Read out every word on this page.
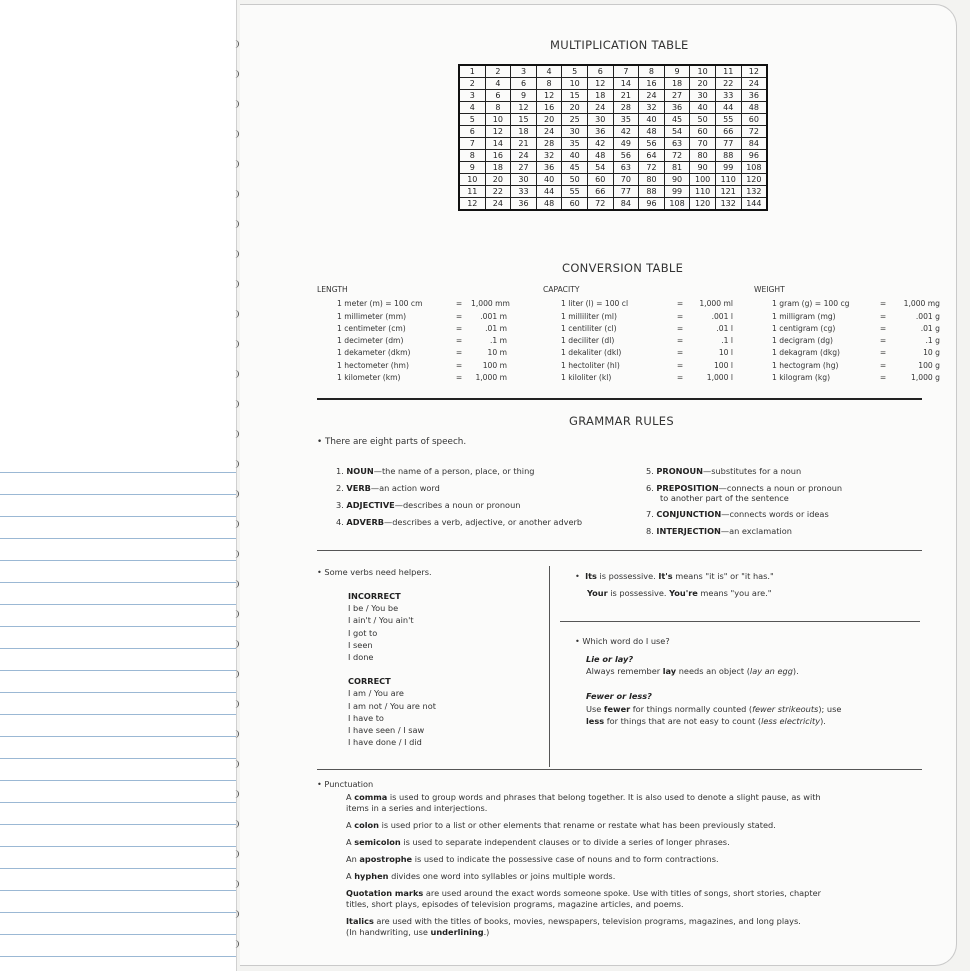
MULTIPLICATION TABLE
1	2	3	4	5	6	7	8	9	10	11	12
2	4	6	8	10	12	14	16	18	20	22	24
3	6	9	12	15	18	21	24	27	30	33	36
4	8	12	16	20	24	28	32	36	40	44	48
5	10	15	20	25	30	35	40	45	50	55	60
6	12	18	24	30	36	42	48	54	60	66	72
7	14	21	28	35	42	49	56	63	70	77	84
8	16	24	32	40	48	56	64	72	80	88	96
9	18	27	36	45	54	63	72	81	90	99	108
10	20	30	40	50	60	70	80	90	100	110	120
11	22	33	44	55	66	77	88	99	110	121	132
12	24	36	48	60	72	84	96	108	120	132	144
CONVERSION TABLE
LENGTH
1 meter (m) = 100 cm	=	1,000 mm
1 millimeter (mm)	=	.001 m
1 centimeter (cm)	=	.01 m
1 decimeter (dm)	=	.1 m
1 dekameter (dkm)	=	10 m
1 hectometer (hm)	=	100 m
1 kilometer (km)	=	1,000 m
CAPACITY
1 liter (l) = 100 cl	=	1,000 ml
1 milliliter (ml)	=	.001 l
1 centiliter (cl)	=	.01 l
1 deciliter (dl)	=	.1 l
1 dekaliter (dkl)	=	10 l
1 hectoliter (hl)	=	100 l
1 kiloliter (kl)	=	1,000 l
WEIGHT
1 gram (g) = 100 cg	=	1,000 mg
1 milligram (mg)	=	.001 g
1 centigram (cg)	=	.01 g
1 decigram (dg)	=	.1 g
1 dekagram (dkg)	=	10 g
1 hectogram (hg)	=	100 g
1 kilogram (kg)	=	1,000 g
GRAMMAR RULES
• There are eight parts of speech.
1. NOUN—the name of a person, place, or thing
2. VERB—an action word
3. ADJECTIVE—describes a noun or pronoun
4. ADVERB—describes a verb, adjective, or another adverb
5. PRONOUN—substitutes for a noun
6. PREPOSITION—connects a noun or pronoun
to another part of the sentence
7. CONJUNCTION—connects words or ideas
8. INTERJECTION—an exclamation
• Some verbs need helpers.
INCORRECT
I be / You be
I ain't / You ain't
I got to
I seen
I done
CORRECT
I am / You are
I am not / You are not
I have to
I have seen / I saw
I have done / I did
• Its is possessive. It's means "it is" or "it has."
Your is possessive. You're means "you are."
• Which word do I use?
Lie or lay?
Always remember lay needs an object (lay an egg).
Fewer or less?
Use fewer for things normally counted (fewer strikeouts); use
less for things that are not easy to count (less electricity).
• Punctuation
A comma is used to group words and phrases that belong together. It is also used to denote a slight pause, as with
items in a series and interjections.
A colon is used prior to a list or other elements that rename or restate what has been previously stated.
A semicolon is used to separate independent clauses or to divide a series of longer phrases.
An apostrophe is used to indicate the possessive case of nouns and to form contractions.
A hyphen divides one word into syllables or joins multiple words.
Quotation marks are used around the exact words someone spoke. Use with titles of songs, short stories, chapter
titles, short plays, episodes of television programs, magazine articles, and poems.
Italics are used with the titles of books, movies, newspapers, television programs, magazines, and long plays.
(In handwriting, use underlining.)
